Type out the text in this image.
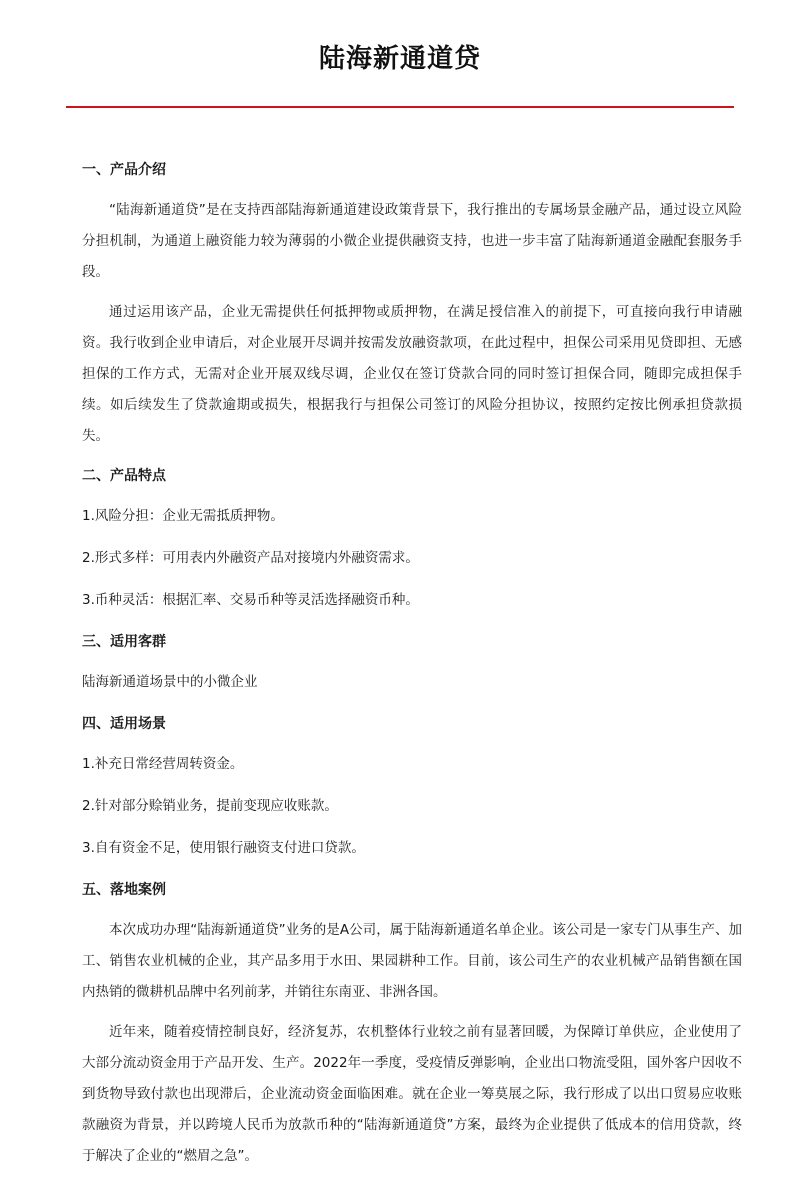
陆海新通道贷
一、产品介绍

“陆海新通道贷”是在支持西部陆海新通道建设政策背景下，我行推出的专属场景金融产品，通过设立风险分担机制，为通道上融资能力较为薄弱的小微企业提供融资支持，也进一步丰富了陆海新通道金融配套服务手段。

通过运用该产品，企业无需提供任何抵押物或质押物，在满足授信准入的前提下，可直接向我行申请融资。我行收到企业申请后，对企业展开尽调并按需发放融资款项，在此过程中，担保公司采用见贷即担、无感担保的工作方式，无需对企业开展双线尽调，企业仅在签订贷款合同的同时签订担保合同，随即完成担保手续。如后续发生了贷款逾期或损失，根据我行与担保公司签订的风险分担协议，按照约定按比例承担贷款损失。

二、产品特点

1.风险分担：企业无需抵质押物。

2.形式多样：可用表内外融资产品对接境内外融资需求。

3.币种灵活：根据汇率、交易币种等灵活选择融资币种。

三、适用客群

陆海新通道场景中的小微企业

四、适用场景

1.补充日常经营周转资金。

2.针对部分赊销业务，提前变现应收账款。

3.自有资金不足，使用银行融资支付进口贷款。

五、落地案例

本次成功办理“陆海新通道贷”业务的是A公司，属于陆海新通道名单企业。该公司是一家专门从事生产、加工、销售农业机械的企业，其产品多用于水田、果园耕种工作。目前，该公司生产的农业机械产品销售额在国内热销的微耕机品牌中名列前茅，并销往东南亚、非洲各国。

近年来，随着疫情控制良好，经济复苏，农机整体行业较之前有显著回暖，为保障订单供应，企业使用了大部分流动资金用于产品开发、生产。2022年一季度，受疫情反弹影响，企业出口物流受阻，国外客户因收不到货物导致付款也出现滞后，企业流动资金面临困难。就在企业一筹莫展之际，我行形成了以出口贸易应收账款融资为背景，并以跨境人民币为放款币种的“陆海新通道贷”方案，最终为企业提供了低成本的信用贷款，终于解决了企业的“燃眉之急”。
